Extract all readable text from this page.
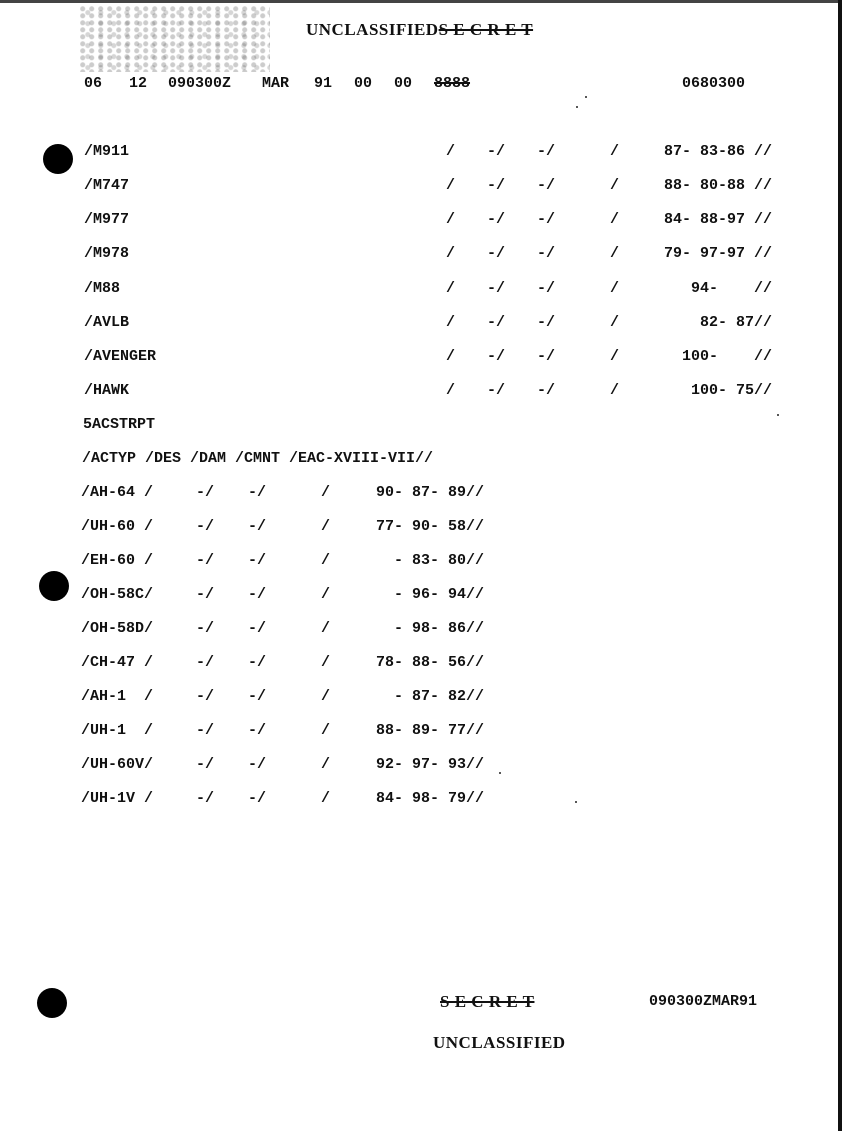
UNCLASSIFIEDS E C R E T
06 12 090300Z MAR 91 00 00 8888	0680300
/M911	/ -/ -/	/	87- 83-86 //
/M747	/ -/ -/	/	88- 80-88 //
/M977	/ -/ -/	/	84- 88-97 //
/M978	/ -/ -/	/	79- 97-97 //
/M88	/ -/ -/	/	94-    //
/AVLB	/ -/ -/	/	82- 87//
/AVENGER	/ -/ -/	/	100-    //
/HAWK	/ -/ -/	/	100- 75//
5ACSTRPT
/ACTYP /DES /DAM /CMNT /EAC-XVIII-VII//
/AH-64 /	-/ -/	/	90- 87- 89//
/UH-60 /	-/ -/	/	77- 90- 58//
/EH-60 /	-/ -/	/	- 83- 80//
/OH-58C/	-/ -/	/	- 96- 94//
/OH-58D/	-/ -/	/	- 98- 86//
/CH-47 /	-/ -/	/	78- 88- 56//
/AH-1  /	-/ -/	/	- 87- 82//
/UH-1  /	-/ -/	/	88- 89- 77//
/UH-60V/	-/ -/	/	92- 97- 93//
/UH-1V /	-/ -/	/	84- 98- 79//
S E C R E T	090300ZMAR91
UNCLASSIFIED
